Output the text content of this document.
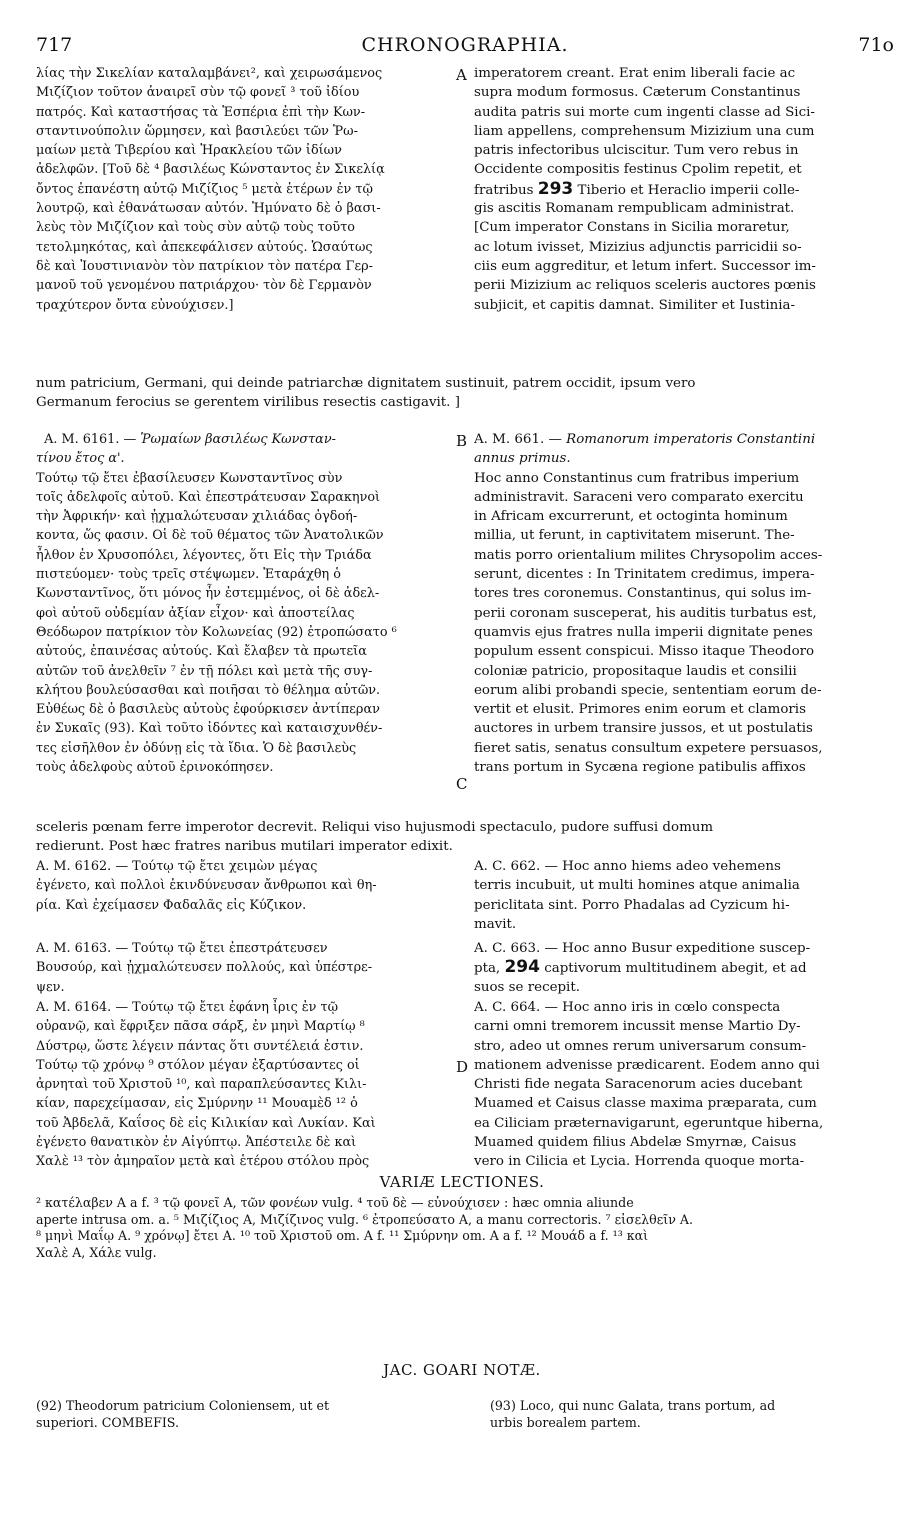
717	CHRONOGRAPHIA.	71o
λίας τὴν Σικελίαν καταλαμβάνει², καὶ χειρωσάμενος
Μιζίζιον τοῦτον ἀναιρεῖ σὺν τῷ φονεῖ ³ τοῦ ἰδίου
πατρός. Καὶ καταστήσας τὰ Ἑσπέρια ἐπὶ τὴν Κων-
σταντινούπολιν ὥρμησεν, καὶ βασιλεύει τῶν Ῥω-
μαίων μετὰ Τιβερίου καὶ Ἡρακλείου τῶν ἰδίων
ἀδελφῶν. [Τοῦ δὲ ⁴ βασιλέως Κώνσταντος ἐν Σικελίᾳ
ὄντος ἐπανέστη αὐτῷ Μιζίζιος ⁵ μετὰ ἑτέρων ἐν τῷ
λουτρῷ, καὶ ἐθανάτωσαν αὐτόν. Ἠμύνατο δὲ ὁ βασι-
λεὺς τὸν Μιζίζιον καὶ τοὺς σὺν αὐτῷ τοὺς τοῦτο
τετολμηκότας, καὶ ἀπεκεφάλισεν αὐτούς. Ὡσαύτως
δὲ καὶ Ἰουστινιανὸν τὸν πατρίκιον τὸν πατέρα Γερ-
μανοῦ τοῦ γενομένου πατριάρχου· τὸν δὲ Γερμανὸν
τραχύτερον ὄντα εὐνούχισεν.]
A imperatorem creant. Erat enim liberali facie ac
supra modum formosus. Cæterum Constantinus
audita patris sui morte cum ingenti classe ad Sici-
liam appellens, comprehensum Mizizium una cum
patris infectoribus ulciscitur. Tum vero rebus in
Occidente compositis festinus Cpolim repetit, et
fratribus 293 Tiberio et Heraclio imperii colle-
gis ascitis Romanam rempublicam administrat.
[Cum imperator Constans in Sicilia moraretur,
ac lotum ivisset, Mizizius adjunctis parricidii so-
ciis eum aggreditur, et letum infert. Successor im-
perii Mizizium ac reliquos sceleris auctores pœnis
subjicit, et capitis damnat. Similiter et Iustinia-
num patricium, Germani, qui deinde patriarchæ dignitatem sustinuit, patrem occidit, ipsum vero
Germanum ferocius se gerentem virilibus resectis castigavit. ]
A. M. 6161. — Ῥωμαίων βασιλέως Κωνσταν-
τίνου ἔτος α'.
Τούτῳ τῷ ἔτει ἐβασίλευσεν Κωνσταντῖνος σὺν
τοῖς ἀδελφοῖς αὐτοῦ. Καὶ ἐπεστράτευσαν Σαρακηνοὶ
τὴν Ἀφρικήν· καὶ ᾐχμαλώτευσαν χιλιάδας ὀγδοή-
κοντα, ὥς φασιν. Οἱ δὲ τοῦ θέματος τῶν Ἀνατολικῶν
ἦλθον ἐν Χρυσοπόλει, λέγοντες, ὅτι Εἰς τὴν Τριάδα
πιστεύομεν· τοὺς τρεῖς στέψωμεν. Ἐταράχθη ὁ
Κωνσταντῖνος, ὅτι μόνος ἦν ἐστεμμένος, οἱ δὲ ἀδελ-
φοὶ αὐτοῦ οὐδεμίαν ἀξίαν εἶχον· καὶ ἀποστείλας
Θεόδωρον πατρίκιον τὸν Κολωνείας (92) ἐτροπώσατο ⁶
αὐτούς, ἐπαινέσας αὐτούς. Καὶ ἔλαβεν τὰ πρωτεῖα
αὐτῶν τοῦ ἀνελθεῖν ⁷ ἐν τῇ πόλει καὶ μετὰ τῆς συγ-
κλήτου βουλεύσασθαι καὶ ποιῆσαι τὸ θέλημα αὐτῶν.
Εὐθέως δὲ ὁ βασιλεὺς αὐτοὺς ἐφούρκισεν ἀντίπεραν
ἐν Συκαῖς (93). Καὶ τοῦτο ἰδόντες καὶ καταισχυνθέν-
τες εἰσῆλθον ἐν ὀδύνῃ εἰς τὰ ἴδια. Ὁ δὲ βασιλεὺς
τοὺς ἀδελφοὺς αὐτοῦ ἐρινοκόπησεν.
B
C
A. M. 661. — Romanorum imperatoris Constantini
annus primus.
Hoc anno Constantinus cum fratribus imperium
administravit. Saraceni vero comparato exercitu
in Africam excurrerunt, et octoginta hominum
millia, ut ferunt, in captivitatem miserunt. The-
matis porro orientalium milites Chrysopolim acces-
serunt, dicentes : In Trinitatem credimus, impera-
tores tres coronemus. Constantinus, qui solus im-
perii coronam susceperat, his auditis turbatus est,
quamvis ejus fratres nulla imperii dignitate penes
populum essent conspicui. Misso itaque Theodoro
coloniæ patricio, propositaque laudis et consilii
eorum alibi probandi specie, sententiam eorum de-
vertit et elusit. Primores enim eorum et clamoris
auctores in urbem transire jussos, et ut postulatis
fieret satis, senatus consultum expetere persuasos,
trans portum in Sycæna regione patibulis affixos
sceleris pœnam ferre imperotor decrevit. Reliqui viso hujusmodi spectaculo, pudore suffusi domum
redierunt. Post hæc fratres naribus mutilari imperator edixit.
A. M. 6162. — Τούτῳ τῷ ἔτει χειμὼν μέγας
ἐγένετο, καὶ πολλοὶ ἐκινδύνευσαν ἄνθρωποι καὶ θη-
ρία. Καὶ ἐχείμασεν Φαδαλᾶς εἰς Κύζικον.
A. C. 662. — Hoc anno hiems adeo vehemens
terris incubuit, ut multi homines atque animalia
periclitata sint. Porro Phadalas ad Cyzicum hi-
mavit.
A. M. 6163. — Τούτῳ τῷ ἔτει ἐπεστράτευσεν
Βουσούρ, καὶ ᾐχμαλώτευσεν πολλούς, καὶ ὑπέστρε-
ψεν.
A. C. 663. — Hoc anno Busur expeditione suscep-
pta, 294 captivorum multitudinem abegit, et ad
suos se recepit.
A. M. 6164. — Τούτῳ τῷ ἔτει ἐφάνη ἶρις ἐν τῷ
οὐρανῷ, καὶ ἔφριξεν πᾶσα σάρξ, ἐν μηνὶ Μαρτίῳ ⁸
Δύστρῳ, ὥστε λέγειν πάντας ὅτι συντέλειά ἐστιν.
Τούτῳ τῷ χρόνῳ ⁹ στόλον μέγαν ἐξαρτύσαντες οἱ
ἀρνηταὶ τοῦ Χριστοῦ ¹⁰, καὶ παραπλεύσαντες Κιλι-
κίαν, παρεχείμασαν, εἰς Σμύρνην ¹¹ Μουαμὲδ ¹² ὁ
τοῦ Ἀβδελᾶ, Καΐσος δὲ εἰς Κιλικίαν καὶ Λυκίαν. Καὶ
ἐγένετο θανατικὸν ἐν Αἰγύπτῳ. Ἀπέστειλε δὲ καὶ
Χαλὲ ¹³ τὸν ἀμηραῖον μετὰ καὶ ἑτέρου στόλου πρὸς
D
A. C. 664. — Hoc anno iris in cœlo conspecta
carni omni tremorem incussit mense Martio Dy-
stro, adeo ut omnes rerum universarum consum-
mationem advenisse prædicarent. Eodem anno qui
Christi fide negata Saracenorum acies ducebant
Muamed et Caisus classe maxima præparata, cum
ea Ciliciam præternavigarunt, egeruntque hiberna,
Muamed quidem filius Abdelæ Smyrnæ, Caisus
vero in Cilicia et Lycia. Horrenda quoque morta-
VARIÆ LECTIONES.
² κατέλαβεν A a f. ³ τῷ φονεῖ A, τῶν φονέων vulg. ⁴ τοῦ δὲ — εὐνούχισεν : hæc omnia aliunde
aperte intrusa om. a. ⁵ Μιζίζιος A, Μιζίζινος vulg. ⁶ ἐτροπεύσατο A, a manu correctoris. ⁷ εἰσελθεῖν A.
⁸ μηνὶ Μαΐῳ A. ⁹ χρόνῳ] ἔτει A. ¹⁰ τοῦ Χριστοῦ om. A f. ¹¹ Σμύρνην om. A a f. ¹² Μουάδ a f. ¹³ καὶ
Χαλὲ A, Χάλε vulg.
JAC. GOARI NOTÆ.
(92) Theodorum patricium Coloniensem, ut et
superiori. COMBEFIS.
(93) Loco, qui nunc Galata, trans portum, ad
urbis borealem partem.
